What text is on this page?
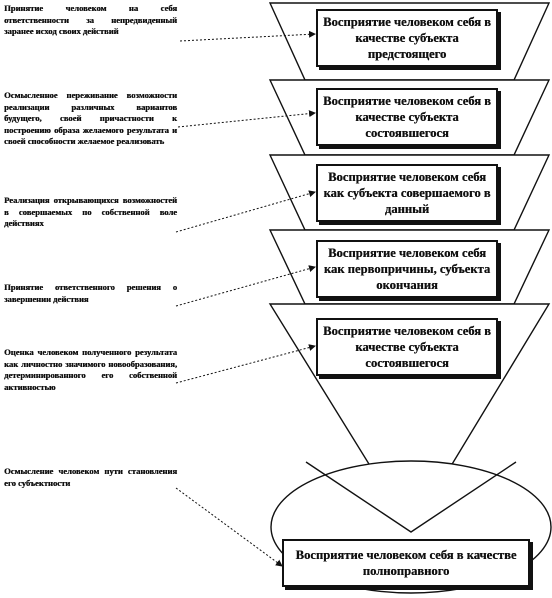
Принятие человеком на себя ответственности за непредвиденный заранее исход своих действий
Осмысленное переживание возможности реализации различных вариантов будущего, своей причастности к построению образа желаемого результата и своей способности желаемое реализовать
Реализация открывающихся возможностей в совершаемых по собственной воле действиях
Принятие ответственного решения о завершении действия
Оценка человеком полученного результата как личностно значимого новообразования, детерминированного его собственной активностью
Осмысление человеком пути становления его субъектности
Восприятие человеком себя в качестве субъекта предстоящего
Восприятие человеком себя в качестве субъекта состоявшегося
Восприятие человеком себя как субъекта совершаемого в данный
Восприятие человеком себя как первопричины, субъекта окончания
Восприятие человеком себя в качестве субъекта состоявшегося
Восприятие человеком себя в качестве полноправного
